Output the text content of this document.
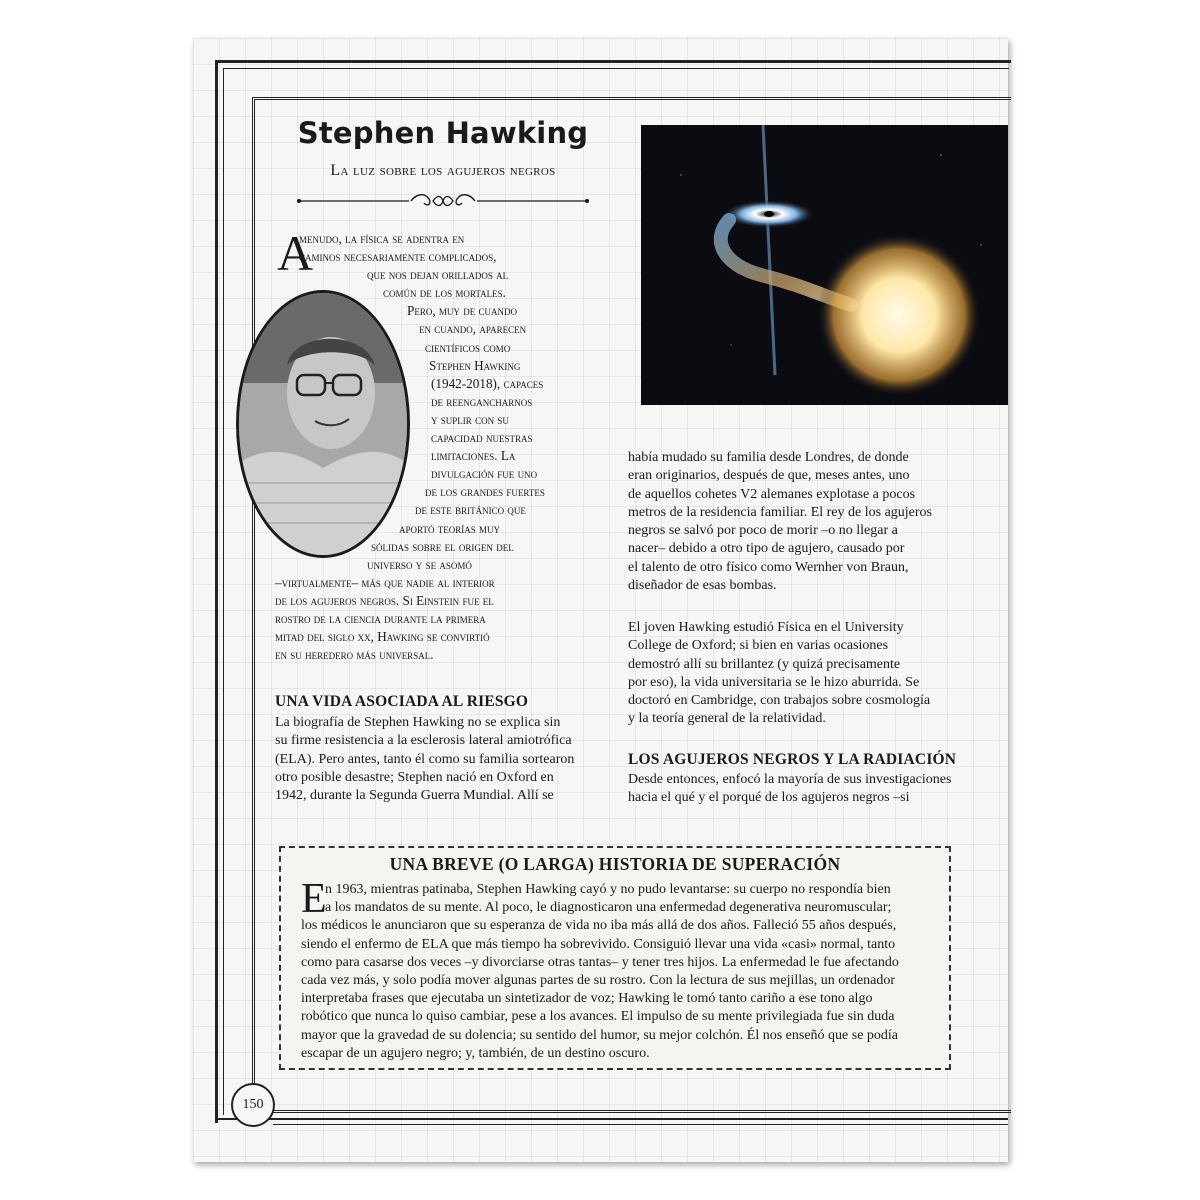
Stephen Hawking
La luz sobre los agujeros negros
A
menudo, la física se adentra en
caminos necesariamente complicados,
que nos dejan orillados al
común de los mortales.
Pero, muy de cuando
en cuando, aparecen
científicos como
Stephen Hawking
(1942-2018), capaces
de reengancharnos
y suplir con su
capacidad nuestras
limitaciones. La
divulgación fue uno
de los grandes fuertes
de este británico que
aportó teorías muy
sólidas sobre el origen del
universo y se asomó
–virtualmente– más que nadie al interior
de los agujeros negros. Si Einstein fue el
rostro de la ciencia durante la primera
mitad del siglo xx, Hawking se convirtió
en su heredero más universal.
UNA VIDA ASOCIADA AL RIESGO
La biografía de Stephen Hawking no se explica sin
su firme resistencia a la esclerosis lateral amiotrófica
(ELA). Pero antes, tanto él como su familia sortearon
otro posible desastre; Stephen nació en Oxford en
1942, durante la Segunda Guerra Mundial. Allí se
había mudado su familia desde Londres, de donde
eran originarios, después de que, meses antes, uno
de aquellos cohetes V2 alemanes explotase a pocos
metros de la residencia familiar. El rey de los agujeros
negros se salvó por poco de morir –o no llegar a
nacer– debido a otro tipo de agujero, causado por
el talento de otro físico como Wernher von Braun,
diseñador de esas bombas.
El joven Hawking estudió Física en el University
College de Oxford; si bien en varias ocasiones
demostró allí su brillantez (y quizá precisamente
por eso), la vida universitaria se le hizo aburrida. Se
doctoró en Cambridge, con trabajos sobre cosmología
y la teoría general de la relatividad.
LOS AGUJEROS NEGROS Y LA RADIACIÓN
Desde entonces, enfocó la mayoría de sus investigaciones
hacia el qué y el porqué de los agujeros negros –si
UNA BREVE (O LARGA) HISTORIA DE SUPERACIÓN
E
n 1963, mientras patinaba, Stephen Hawking cayó y no pudo levantarse: su cuerpo no respondía bien
a los mandatos de su mente. Al poco, le diagnosticaron una enfermedad degenerativa neuromuscular;
los médicos le anunciaron que su esperanza de vida no iba más allá de dos años. Falleció 55 años después,
siendo el enfermo de ELA que más tiempo ha sobrevivido. Consiguió llevar una vida «casi» normal, tanto
como para casarse dos veces –y divorciarse otras tantas– y tener tres hijos. La enfermedad le fue afectando
cada vez más, y solo podía mover algunas partes de su rostro. Con la lectura de sus mejillas, un ordenador
interpretaba frases que ejecutaba un sintetizador de voz; Hawking le tomó tanto cariño a ese tono algo
robótico que nunca lo quiso cambiar, pese a los avances. El impulso de su mente privilegiada fue sin duda
mayor que la gravedad de su dolencia; su sentido del humor, su mejor colchón. Él nos enseñó que se podía
escapar de un agujero negro; y, también, de un destino oscuro.
150
